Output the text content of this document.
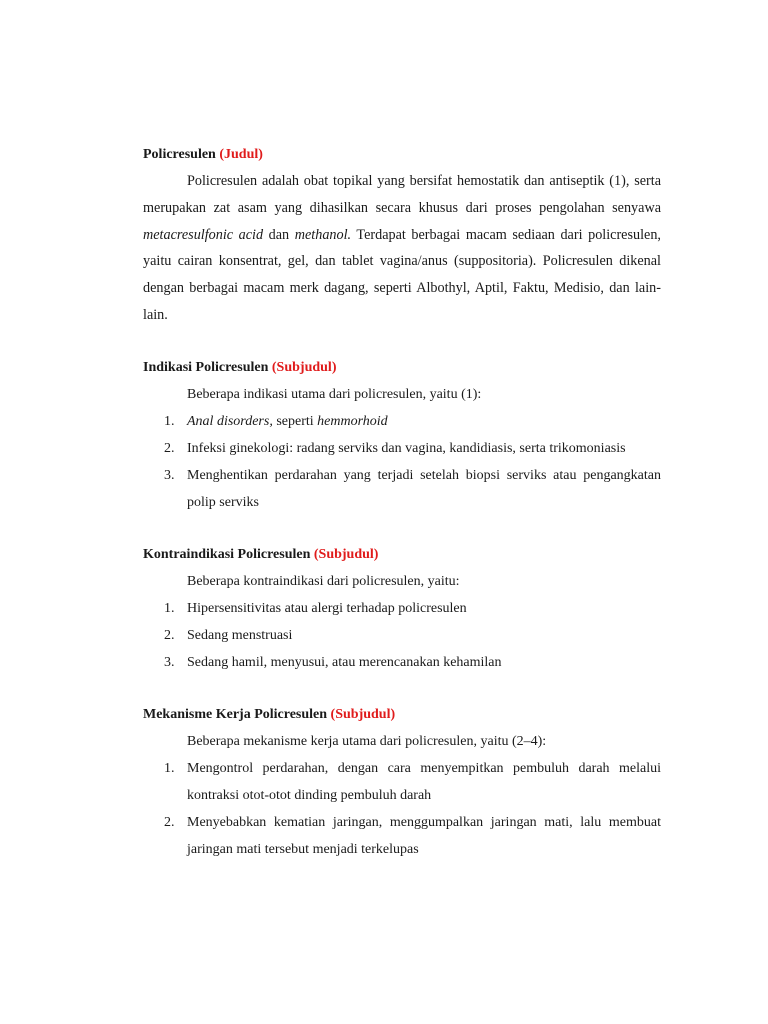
Policresulen (Judul)

Policresulen adalah obat topikal yang bersifat hemostatik dan antiseptik (1), serta merupakan zat asam yang dihasilkan secara khusus dari proses pengolahan senyawa metacresulfonic acid dan methanol. Terdapat berbagai macam sediaan dari policresulen, yaitu cairan konsentrat, gel, dan tablet vagina/anus (suppositoria). Policresulen dikenal dengan berbagai macam merk dagang, seperti Albothyl, Aptil, Faktu, Medisio, dan lain-lain.

Indikasi Policresulen (Subjudul)
Beberapa indikasi utama dari policresulen, yaitu (1):
1. Anal disorders, seperti hemmorhoid
2. Infeksi ginekologi: radang serviks dan vagina, kandidiasis, serta trikomoniasis
3. Menghentikan perdarahan yang terjadi setelah biopsi serviks atau pengangkatan polip serviks
Kontraindikasi Policresulen (Subjudul)
Beberapa kontraindikasi dari policresulen, yaitu:
1. Hipersensitivitas atau alergi terhadap policresulen
2. Sedang menstruasi
3. Sedang hamil, menyusui, atau merencanakan kehamilan
Mekanisme Kerja Policresulen (Subjudul)
Beberapa mekanisme kerja utama dari policresulen, yaitu (2–4):
1. Mengontrol perdarahan, dengan cara menyempitkan pembuluh darah melalui kontraksi otot-otot dinding pembuluh darah
2. Menyebabkan kematian jaringan, menggumpalkan jaringan mati, lalu membuat jaringan mati tersebut menjadi terkelupas
